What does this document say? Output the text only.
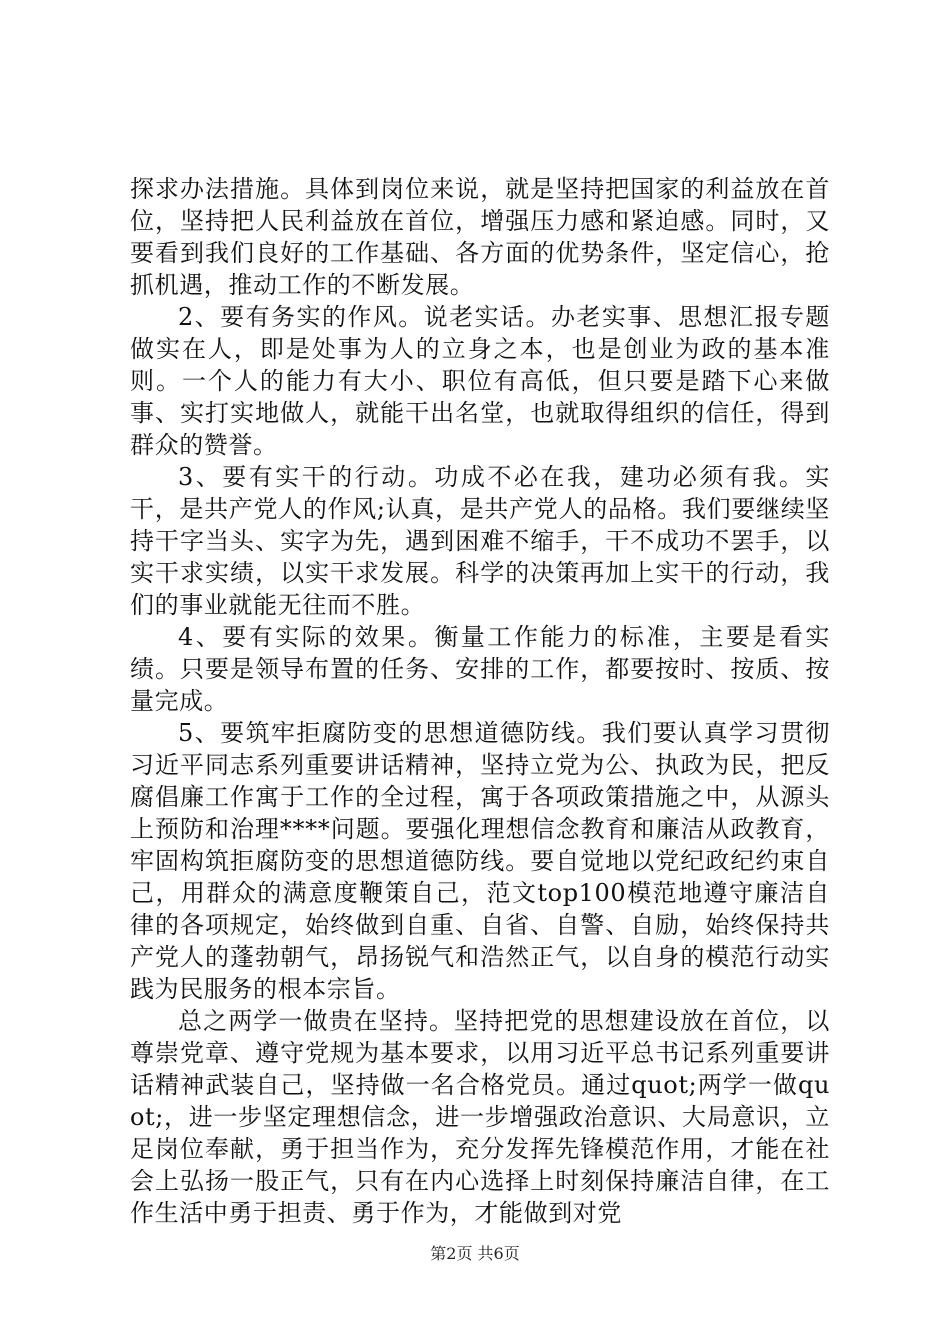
探求办法措施。具体到岗位来说，就是坚持把国家的利益放在首位，坚持把人民利益放在首位，增强压力感和紧迫感。同时，又要看到我们良好的工作基础、各方面的优势条件，坚定信心，抢抓机遇，推动工作的不断发展。

2、要有务实的作风。说老实话。办老实事、思想汇报专题做实在人，即是处事为人的立身之本，也是创业为政的基本准则。一个人的能力有大小、职位有高低，但只要是踏下心来做事、实打实地做人，就能干出名堂，也就取得组织的信任，得到群众的赞誉。

3、要有实干的行动。功成不必在我，建功必须有我。实干，是共产党人的作风;认真，是共产党人的品格。我们要继续坚持干字当头、实字为先，遇到困难不缩手，干不成功不罢手，以实干求实绩，以实干求发展。科学的决策再加上实干的行动，我们的事业就能无往而不胜。

4、要有实际的效果。衡量工作能力的标准，主要是看实绩。只要是领导布置的任务、安排的工作，都要按时、按质、按量完成。

5、要筑牢拒腐防变的思想道德防线。我们要认真学习贯彻习近平同志系列重要讲话精神，坚持立党为公、执政为民，把反腐倡廉工作寓于工作的全过程，寓于各项政策措施之中，从源头上预防和治理****问题。要强化理想信念教育和廉洁从政教育，牢固构筑拒腐防变的思想道德防线。要自觉地以党纪政纪约束自己，用群众的满意度鞭策自己，范文top100模范地遵守廉洁自律的各项规定，始终做到自重、自省、自警、自励，始终保持共产党人的蓬勃朝气，昂扬锐气和浩然正气，以自身的模范行动实践为民服务的根本宗旨。

总之两学一做贵在坚持。坚持把党的思想建设放在首位，以尊崇党章、遵守党规为基本要求，以用习近平总书记系列重要讲话精神武装自己，坚持做一名合格党员。通过quot;两学一做quot;，进一步坚定理想信念，进一步增强政治意识、大局意识，立足岗位奉献，勇于担当作为，充分发挥先锋模范作用，才能在社会上弘扬一股正气，只有在内心选择上时刻保持廉洁自律，在工作生活中勇于担责、勇于作为，才能做到对党

第2页 共6页
